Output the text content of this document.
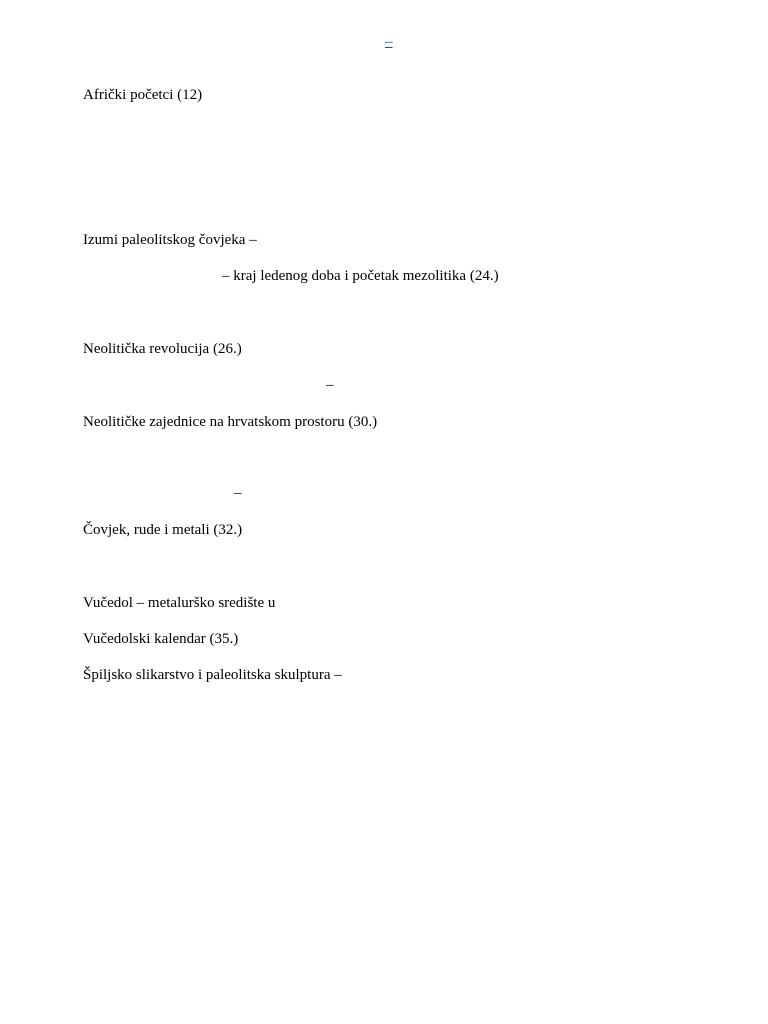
–
Afrički početci (12)
Izumi paleolitskog čovjeka –
– kraj ledenog doba i početak mezolitika (24.)
Neolitička revolucija (26.)
–
Neolitičke zajednice na hrvatskom prostoru (30.)
–
Čovjek, rude i metali (32.)
Vučedol – metalurško središte u
Vučedolski kalendar (35.)
Špiljsko slikarstvo i paleolitska skulptura –
